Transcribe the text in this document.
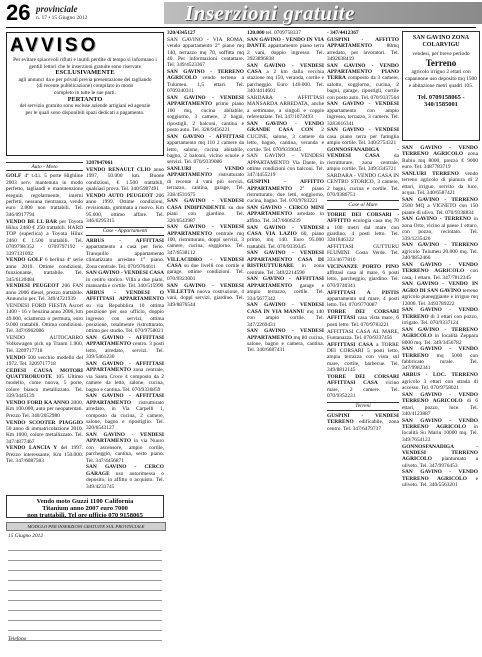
26 provinciale
n. 17 • 15 Giugno 2012	Inserzioni gratuite
AVVISO

Per evitare spiacevoli rifiuti e inutili perdite di tempo si informano i

gentili lettori che le inserzioni gratuite sono riservate

ESCLUSIVAMENTE

agli annunci da e per privati previa presentazione del tagliando

(di recente pubblicazione) compilato in modo

completo in tutte le sue parti.

PERTANTO

del servizio gratuito sono escluse aziende artigiani ed agenzie

per le quali sono disponibili spazi dedicati a pagamento.

Auto - Moto

GOLF 4ª t.d.i. 5 porte Highline 2003 serv. mantenuta in modo perfetto, tagliandi e manutenzione eseguiti regolarmente, interni perfetti, nessuna rientranza, vendo euro 2.800 non trattabili. Tel. 346/0917794

VENDO BE LL BAR per Toyota Hilux 2460 € 250 trattabili. HARD TOP (superlica) a Toyota Hilux 2460 € 1.500 trattabili. Tel. 0709798/352 - 0709797192 - 3397131092

VENDO GOLF 6 berlina 4ª serie anno 2010. Ottime condizioni, funzionante, trattabile. Tel. 345/6120484

VENDESI PEUGEOT 206 FAN anno 2006 diesel, prezzo trattabile. Annuncio per. Tel. 349/4721939

VENDESI FORD FIESTA Ascort 1400 - 16 v benzina anno 2006, km 49.000, sciattenza o permuta, euro 9.000 trattabili. Ottima condizioni. Tel. 347/6962086

VENDO AUTOCARRO Volkswagen pick up Tranm 1.900, Tel. 3209717718

VENDO 500 vecchio modello del 1972. Tel. 3209717718

CEDESI CAUSA MOTORI QUATTRORUOTE 105 Ultimo modello, come nuova, 5 porte, colore bianco metallizzato. Tel. 339/3445139

VENDO FORD KA ANNO 2000, Km 100.000, auto per neopatentati. Prezzo Tel. 340/2052980

VENDO SCOOTER PIAGGIO 50 anno di immatricolazione 2010. Km 1000, colore metallizzato. Tel. 347/4877467

VENDO LANCIA Y del 1997. Prezzo interessante, Km 150.000. Tel. 347/6087583

3207047061

VENDO RENAULT CLIO anno 1997, 50.000 km. Buone condizioni, € 1.500 trattabili, qualsiasi prova. Tel. 340/5987491

VENDO AUTO PEUGEOT 206 anno 1999. Ottime condizioni, revisionata, gommata a nuovo. Km 95.000, ottimo affare. Tel. 346/6295315

Case - Appartamenti

ARBUS - AFFITTASI appartamento a casa per ferie. Tranquillo appartamento climatizzato arredato 1° piano. Zona centrale. Tel. 070/9764611

SAN GAVINO - VENDESI CASA in centro storico. Villa a due piani, mansarda e cortile. Tel. 340/515990

ARBUS - VENDESI O AFFITTASI APPARTAMENTO su via Repubblica 10 ottima posizione per uso ufficio, doppio ingresso con servizi, ottima posizione, totalmente ristrutturato, ottimo per studio. Tel. 070/9758021

SAN GAVINO - AFFITTASI APPARTAMENTO centro. 3 posti letto, arredato, servizi. Tel. 339/5461230

SAN GAVINO - AFFITTASI APPARTAMENTO zona centrale, via Santa Croce 4 composto da 2 camere da letto, salone, cucina, bagno e cantina. Tel. 070/9336859

SAN GAVINO - AFFITTASI APPARTAMENTO ristrutturato arredato, in Via Carpelli 1, composto da cucina, 2 camere, salone, bagno e ripostiglio. Tel. 320/6543127

SAN GAVINO - VENDESI APPARTAMENTO in via Nuoro con ascensore, ampio cortile, parcheggio, cantina, sesto piano. Tel. 347/4456871

SAN GAVINO - CERCO GARAGE uso autorimessa o deposito, in affitto o acquisto. Tel. 349/4233745

Vendo moto Guzzi 1100 California
Titanium anno 2007 euro 7000
non trattabili. Tel ore ufficio 070 9158065
MODULO PER INSERZIONI GRATUITE SUL PROVINCIALE
15 Giugno 2012
Telefono

320/4345127

SAN GAVINO - VIA ROMA, vendo appartamento 2° piano mq 140, terrazzo mq 70, soffitta mq 40. Per informazioni contattare. Tel. 349/4523367

SAN GAVINO - TERRENO AGRICOLO vendo terreno a Tulumeu. 1,5 ettari. Tel. 0709340311

SAN GAVINO - VENDESI APPARTAMENTO primo piano 100 mq, cucina abitabile, soggiorno, 3 camere, 2 bagni, ripostigli, 2 balconi, cantina e posto auto. Tel. 328/9456221

SAN GAVINO - AFFITTASI appartamento mq 110 2 camere da letto, salone, cucina abitabile, bagno, 2 balconi, vicino scuole e servizi. Tel. 070/9339086

SANLURI - VENDO APPARTAMENTO ristrutturato di recente 4 vani più servizi, terrazzo, cantina, garage, Tel. 338/4531675

SAN GAVINO - VENDESI CASA INDIPENDENTE su due piani con giardino. Tel. 320/6543987

SAN GAVINO - VENDESI APPARTAMENTO centrale mq 100, ristrutturato, doppi servizi, 3 camere, cucina, soggiorno. Tel. 347/6538112

VILLACIDRO - VENDESI CASA su due livelli con cortile e garage, ottime condizioni. Tel. 070/9323001

SAN GAVINO - VENDESI VILLETTA nuova costruzione, 4 vani, doppi servizi, giardino. Tel. 349/8876544

120.000 tel. 0709758337

SAN GAVINO - VENDO IN VIA DANTE appartamento piano terra 2 vani, doppio ingresso. Tel. 3923896838

SAN GAVINO - VENDESI CASA a 2 km dalla vecchia stazione mq 150, veranda, cortile e parcheggio. Euro 140.000. Tel. 340/4414601

SARDARA - AFFITTASI MANSARDA ARREDATA, anche a settimane, a singoli e coppie referenziate. Tel. 347/1072493

SAN GAVINO - VENDO GRANDE CASA CON 2 CUCINE, salone, 3 camere da letto, bagno, cantina, veranda e cortile. Tel. 070/9339045

SAN GAVINO - VENDESI APPARTAMENTO Via Dante, in ottime condizioni con balconi. Tel. 347/4455219

GUSPINI - AFFITTO APPARTAMENTO 2° piano ristrutturato, due letti, soggiorno, cucina, bagno. Tel. 070/9783221

SAN GAVINO - CERCO MINI APPARTAMENTO arredato in affitto. Tel. 347/6606239

SAN GAVINO - VENDESI CASA VIA LAZIO 60, piano primo, mq 140. Euro 95.000 trattabili. Tel. 070/9339345

SAN GAVINO - VENDESI APPARTAMENTO CASA DI RISTRUTTURARE in zona centrale. Tel. 349/2214590

SAN GAVINO - AFFITTASI APPARTAMENTO garage e ampio terrazzo, cortile. Tel. 334/5677342

SAN GAVINO - VENDESI CASA IN VIA MANNU mq 140 con ampio cortile. Tel. 347/2269431

SAN GAVINO - VENDESI APPARTAMENTO mq 80 cucina, salone, bagno e camera, cantina. Tel. 340/6687431

- 347/4412367

GUSPINI - AFFITTO APPARTAMENTO 80mq arredato, per lavoratori. Tel. 3492638419

SAN GAVINO - VENDO APPARTAMENTO PIANO TERRA composto da 3 camere, salotto, soggiorno, cucina, 2 bagni, garage, ripostigli, cortile con posto auto. Tel. 070/9337564

SAN GAVINO - VENDESI appartamento con ampio ingresso, terrazzo, 3 camere. Tel. 3283016341

SAN GAVINO - VENDESI casa piano terra per famiglia ampio cortile. Tel. 340/2754321

GONNOSFANADIGA - VENDESI CASA da ristrutturare, zona centrale, ampio cortile. Tel. 349/3345721

SARDARA - VENDO CASA IN CENTRO STORICO, 3 camere, 2 bagni, cucina e cortile. Tel. 070/9386751

Case al Mare

TORRE DEI CORSARI - AFFITTO ecologia casa mq 70 a 100 metri dal mare con giardino, 4 posti letto. Tel. 3281846322

AFFITTASI GUTTURU FLUMINI. Costa Verde. Tel. 333/4677810

VICINANZE PORTO PINO affittasi casa al mare, 6 posti letto, parcheggio, giardino. Tel. 070/9740341

AFFITTASI A PISTIS appartamento sul mare, 4 posti letto. Tel. 070/9770087

TORRE DEI CORSARI AFFITTASI casa vista mare, 6 posti letto. Tel. 070/9783221

AFFITTASI CASA AL MARE, Funtanazza. Tel. 070/9337456

AFFITTASI CASA a TORRE DEI CORSARI 5 posti letto, ampia terrazza con vista sul mare, cortile, barbecue. Tel. 349/8812145

TORRE DEI CORSARI AFFITTASI CASA vicino mare, 2 camere. Tel. 070/9352231

Terreni

GUSPINI - VENDESI TERRENO edificabile, zona centro. Tel. 347/6479737

SAN GAVINO ZONA COLARVIGU

vendesi, per breve periodo

Terreno

agricolo irriguo 2 ettari con capannone uso deposito mq 1500 e abitazione metri quadri 105.

Tel. 0709158065 - 340/1585001

SAN GAVINO - VENDO TERRENO AGRICOLO zona Rubiu mq 8000, prezzo € 9000 euro. Tel. 3487783719

SANLURI TERRENO vendo terreno agricolo di pianura di 2 ettari, irriguo, servito da luce, acqua. Tel. 340/6587421

SAN GAVINO - TERRENO 2500 MQ a VIGNETO con 150 piante di ulivo. Tel. 070/9338834

SAN GAVINO - TERRENO in zona Orto, vicino al paese 1 ettaro, con pozzo, recintato. Tel. 339/1235426

SAN GAVINO - TERRENO agricolo Tulumeu 20.000 mq. Tel. 340/9852466

SAN GAVINO - VENDO TERRENO AGRICOLO con casa, 1 ettaro. Tel. 347/7812345

SAN GAVINO - VENDO IN AGRO DI SAN GAVINO terreno agricolo pianeggiante e irriguo mq 12000. Tel. 3493789222

SAN GAVINO - VENDO TERRENO di 3 ettari con pozzo, irrigato. Tel. 070/9337124

SAN GAVINO - TERRENO AGRICOLO in località Zeppara 8000 mq. Tel. 349/3456782

SAN GAVINO - VENDO TERRENO mq 5000 con fabbricato rurale. Tel. 347/9982341

ARBUS - LOC. TERRENO agricolo 3 ettari con strada di accesso. Tel. 070/9758021

SAN GAVINO - VENDO TERRENO AGRICOLO di 6 ettari, pozzo, luce. Tel. 340/4123887

SAN GAVINO - VENDO TERRENO AGRICOLO in località Su Mariu 10000 mq. Tel. 349/7654123

GONNOSFANADIGA - VENDESI TERRENO AGRICOLO piantumato a uliveto. Tel. 347/9976453

SAN GAVINO - VENDO TERRENO AGRICOLO e uliveto. Tel. 340/5563201
